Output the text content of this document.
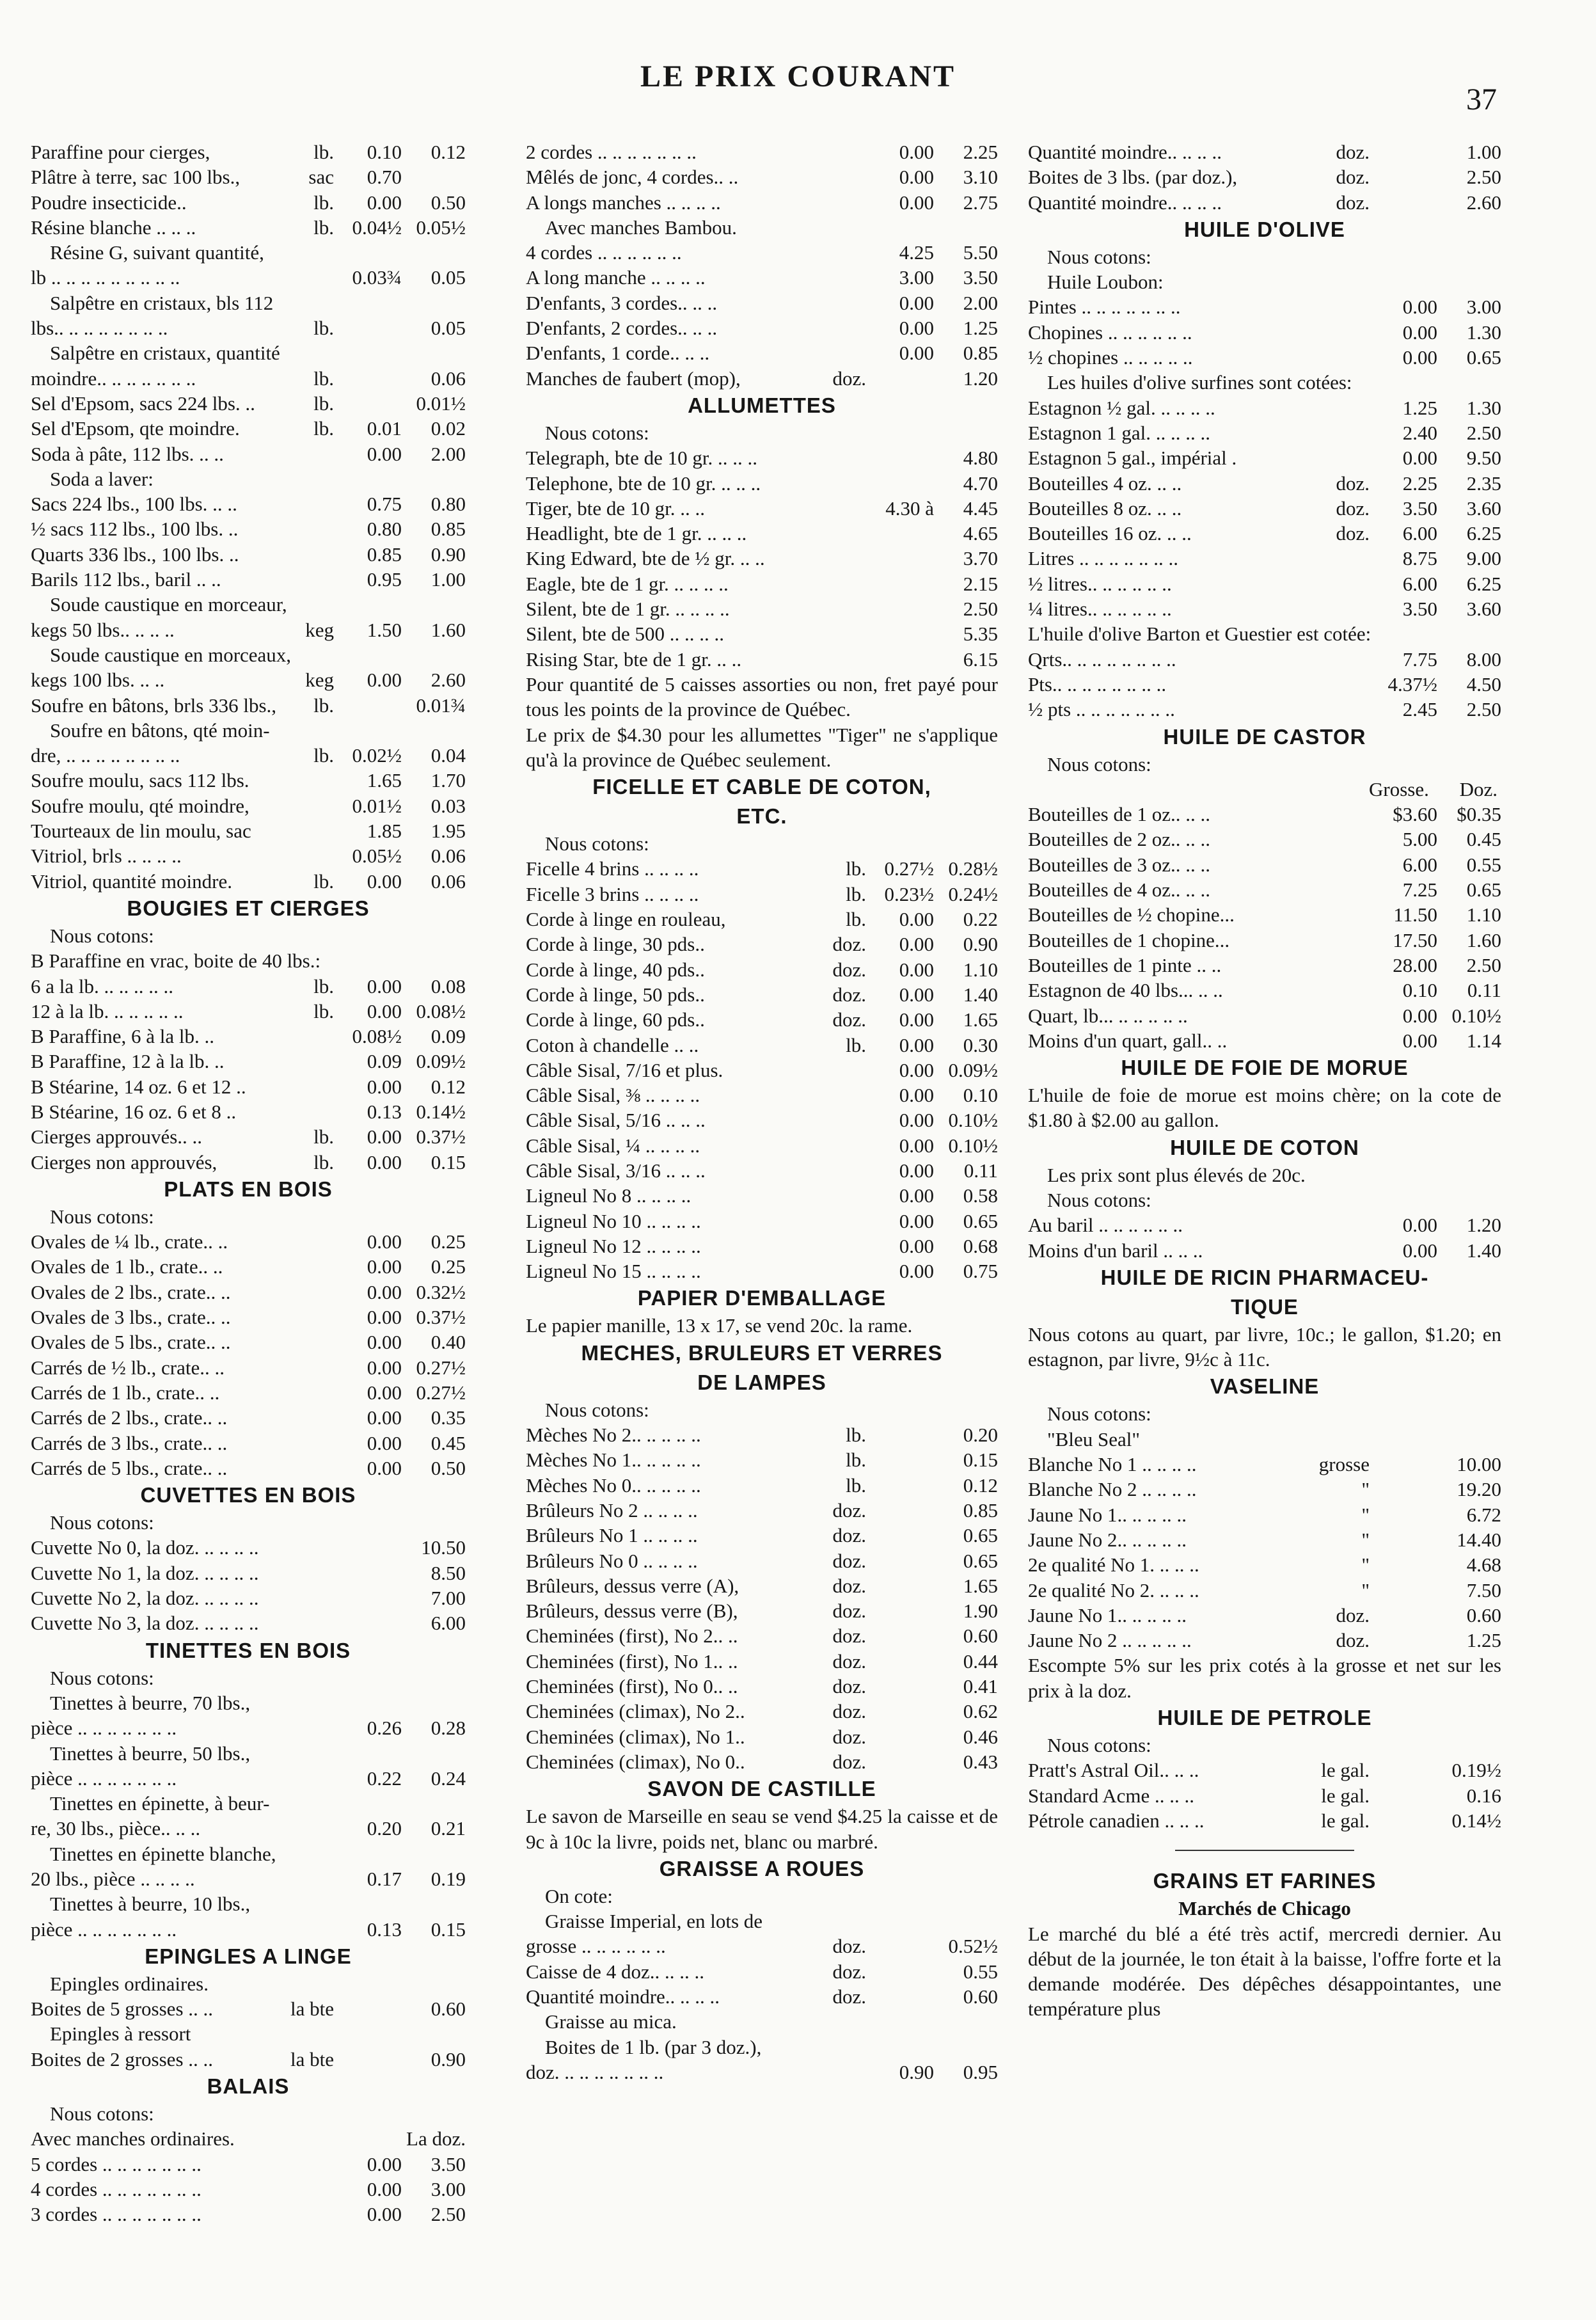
LE PRIX COURANT
37
Paraffine pour cierges,	lb.	0.10	0.12
Plâtre à terre, sac 100 lbs.,	sac	0.70
Poudre insecticide..	lb.	0.00	0.50
Résine blanche .. .. ..	lb. 0.04½ 0.05½
Résine G, suivant quantité,
lb .. .. .. .. .. .. .. .. ..	0.03¾	0.05
Salpêtre en cristaux, bls 112
lbs.. .. .. .. .. .. .. ..	lb.	0.05
Salpêtre en cristaux, quantité
moindre.. .. .. .. .. .. ..	lb.	0.06
Sel d'Epsom, sacs 224 lbs. ..	lb.	0.01½
Sel d'Epsom, qte moindre.	lb.	0.01	0.02
Soda à pâte, 112 lbs. .. ..	0.00	2.00
Soda a laver:
Sacs 224 lbs., 100 lbs. .. ..	0.75	0.80
½ sacs 112 lbs., 100 lbs. ..	0.80	0.85
Quarts 336 lbs., 100 lbs. ..	0.85	0.90
Barils 112 lbs., baril .. ..	0.95	1.00
Soude caustique en morceaur,
kegs 50 lbs.. .. .. ..	keg	1.50	1.60
Soude caustique en morceaux,
kegs 100 lbs. .. ..	keg	0.00	2.60
Soufre en bâtons, brls 336 lbs.,	lb.	0.01¾
Soufre en bâtons, qté moin-
dre, .. .. .. .. .. .. .. ..	lb. 0.02½	0.04
Soufre moulu, sacs 112 lbs.	1.65	1.70
Soufre moulu, qté moindre,	0.01½	0.03
Tourteaux de lin moulu, sac	1.85	1.95
Vitriol, brls .. .. .. ..	0.05½	0.06
Vitriol, quantité moindre.	lb.	0.00	0.06
BOUGIES ET CIERGES
Nous cotons:
B Paraffine en vrac, boite de 40 lbs.:
6 a la lb. .. .. .. .. ..	lb.	0.00	0.08
12 à la lb. .. .. .. .. ..	lb.	0.00 0.08½
B Paraffine, 6 à la lb. ..	0.08½	0.09
B Paraffine, 12 à la lb. ..	0.09 0.09½
B Stéarine, 14 oz. 6 et 12 ..	0.00	0.12
B Stéarine, 16 oz. 6 et 8 ..	0.13 0.14½
Cierges approuvés.. ..	lb.	0.00 0.37½
Cierges non approuvés,	lb.	0.00	0.15
PLATS EN BOIS
Nous cotons:
Ovales de ¼ lb., crate.. ..	0.00	0.25
Ovales de 1 lb., crate.. ..	0.00	0.25
Ovales de 2 lbs., crate.. ..	0.00 0.32½
Ovales de 3 lbs., crate.. ..	0.00 0.37½
Ovales de 5 lbs., crate.. ..	0.00	0.40
Carrés de ½ lb., crate.. ..	0.00 0.27½
Carrés de 1 lb., crate.. ..	0.00 0.27½
Carrés de 2 lbs., crate.. ..	0.00	0.35
Carrés de 3 lbs., crate.. ..	0.00	0.45
Carrés de 5 lbs., crate.. ..	0.00	0.50
CUVETTES EN BOIS
Nous cotons:
Cuvette No 0, la doz. .. .. .. ..	10.50
Cuvette No 1, la doz. .. .. .. ..	8.50
Cuvette No 2, la doz. .. .. .. ..	7.00
Cuvette No 3, la doz. .. .. .. ..	6.00
TINETTES EN BOIS
Nous cotons:
Tinettes à beurre, 70 lbs.,
pièce .. .. .. .. .. .. ..	0.26	0.28
Tinettes à beurre, 50 lbs.,
pièce .. .. .. .. .. .. ..	0.22	0.24
Tinettes en épinette, à beur-
re, 30 lbs., pièce.. .. ..	0.20	0.21
Tinettes en épinette blanche,
20 lbs., pièce .. .. .. ..	0.17	0.19
Tinettes à beurre, 10 lbs.,
pièce .. .. .. .. .. .. ..	0.13	0.15
EPINGLES A LINGE
Epingles ordinaires.
Boites de 5 grosses .. ..	la bte	0.60
Epingles à ressort
Boites de 2 grosses .. ..	la bte	0.90
BALAIS
Nous cotons:
Avec manches ordinaires.	La doz.
5 cordes .. .. .. .. .. .. ..	0.00	3.50
4 cordes .. .. .. .. .. .. ..	0.00	3.00
3 cordes .. .. .. .. .. .. ..	0.00	2.50
2 cordes .. .. .. .. .. .. ..	0.00	2.25
Mêlés de jonc, 4 cordes.. ..	0.00	3.10
A longs manches .. .. .. ..	0.00	2.75
Avec manches Bambou.
4 cordes .. .. .. .. .. ..	4.25	5.50
A long manche .. .. .. ..	3.00	3.50
D'enfants, 3 cordes.. .. ..	0.00	2.00
D'enfants, 2 cordes.. .. ..	0.00	1.25
D'enfants, 1 corde.. .. ..	0.00	0.85
Manches de faubert (mop),	doz.	1.20
ALLUMETTES
Nous cotons:
Telegraph, bte de 10 gr. .. .. ..	4.80
Telephone, bte de 10 gr. .. .. ..	4.70
Tiger, bte de 10 gr. .. ..	4.30 à	4.45
Headlight, bte de 1 gr. .. .. ..	4.65
King Edward, bte de ½ gr. .. ..	3.70
Eagle, bte de 1 gr. .. .. .. ..	2.15
Silent, bte de 1 gr. .. .. .. ..	2.50
Silent, bte de 500 .. .. .. ..	5.35
Rising Star, bte de 1 gr. .. ..	6.15
Pour quantité de 5 caisses assorties ou non, fret payé pour tous les points de la province de Québec.
Le prix de $4.30 pour les allumettes "Tiger" ne s'applique qu'à la province de Québec seulement.
FICELLE ET CABLE DE COTON,
ETC.
Nous cotons:
Ficelle 4 brins .. .. .. ..	lb. 0.27½ 0.28½
Ficelle 3 brins .. .. .. ..	lb. 0.23½ 0.24½
Corde à linge en rouleau,	lb.	0.00	0.22
Corde à linge, 30 pds..	doz.	0.00	0.90
Corde à linge, 40 pds..	doz.	0.00	1.10
Corde à linge, 50 pds..	doz.	0.00	1.40
Corde à linge, 60 pds..	doz.	0.00	1.65
Coton à chandelle .. ..	lb.	0.00	0.30
Câble Sisal, 7/16 et plus.	0.00 0.09½
Câble Sisal, ⅜ .. .. .. ..	0.00	0.10
Câble Sisal, 5/16 .. .. ..	0.00 0.10½
Câble Sisal, ¼ .. .. .. ..	0.00 0.10½
Câble Sisal, 3/16 .. .. ..	0.00	0.11
Ligneul No 8 .. .. .. ..	0.00	0.58
Ligneul No 10 .. .. .. ..	0.00	0.65
Ligneul No 12 .. .. .. ..	0.00	0.68
Ligneul No 15 .. .. .. ..	0.00	0.75
PAPIER D'EMBALLAGE
Le papier manille, 13 x 17, se vend 20c. la rame.
MECHES, BRULEURS ET VERRES
DE LAMPES
Nous cotons:
Mèches No 2.. .. .. .. ..	lb.	0.20
Mèches No 1.. .. .. .. ..	lb.	0.15
Mèches No 0.. .. .. .. ..	lb.	0.12
Brûleurs No 2 .. .. .. ..	doz.	0.85
Brûleurs No 1 .. .. .. ..	doz.	0.65
Brûleurs No 0 .. .. .. ..	doz.	0.65
Brûleurs, dessus verre (A),	doz.	1.65
Brûleurs, dessus verre (B),	doz.	1.90
Cheminées (first), No 2.. ..	doz.	0.60
Cheminées (first), No 1.. ..	doz.	0.44
Cheminées (first), No 0.. ..	doz.	0.41
Cheminées (climax), No 2..	doz.	0.62
Cheminées (climax), No 1..	doz.	0.46
Cheminées (climax), No 0..	doz.	0.43
SAVON DE CASTILLE
Le savon de Marseille en seau se vend $4.25 la caisse et de 9c à 10c la livre, poids net, blanc ou marbré.
GRAISSE A ROUES
On cote:
Graisse Imperial, en lots de
grosse .. .. .. .. .. ..	doz.	0.52½
Caisse de 4 doz.. .. .. ..	doz.	0.55
Quantité moindre.. .. .. ..	doz.	0.60
Graisse au mica.
Boites de 1 lb. (par 3 doz.),
doz. .. .. .. .. .. .. ..	0.90	0.95
Quantité moindre.. .. .. ..	doz.	1.00
Boites de 3 lbs. (par doz.),	doz.	2.50
Quantité moindre.. .. .. ..	doz.	2.60
HUILE D'OLIVE
Nous cotons:
Huile Loubon:
Pintes .. .. .. .. .. .. ..	0.00	3.00
Chopines .. .. .. .. .. ..	0.00	1.30
½ chopines .. .. .. .. ..	0.00	0.65
Les huiles d'olive surfines sont cotées:
Estagnon ½ gal. .. .. .. ..	1.25	1.30
Estagnon 1 gal. .. .. .. ..	2.40	2.50
Estagnon 5 gal., impérial .	0.00	9.50
Bouteilles 4 oz. .. ..	doz.	2.25	2.35
Bouteilles 8 oz. .. ..	doz.	3.50	3.60
Bouteilles 16 oz. .. ..	doz.	6.00	6.25
Litres .. .. .. .. .. .. ..	8.75	9.00
½ litres.. .. .. .. .. ..	6.00	6.25
¼ litres.. .. .. .. .. ..	3.50	3.60
L'huile d'olive Barton et Guestier est cotée:
Qrts.. .. .. .. .. .. .. ..	7.75	8.00
Pts.. .. .. .. .. .. .. ..	4.37½	4.50
½ pts .. .. .. .. .. .. ..	2.45	2.50
HUILE DE CASTOR
Nous cotons:
Grosse. Doz.
Bouteilles de 1 oz.. .. ..	$3.60 $0.35
Bouteilles de 2 oz.. .. ..	5.00	0.45
Bouteilles de 3 oz.. .. ..	6.00	0.55
Bouteilles de 4 oz.. .. ..	7.25	0.65
Bouteilles de ½ chopine...	11.50	1.10
Bouteilles de 1 chopine...	17.50	1.60
Bouteilles de 1 pinte .. ..	28.00	2.50
Estagnon de 40 lbs... .. ..	0.10	0.11
Quart, lb... .. .. .. .. ..	0.00 0.10½
Moins d'un quart, gall.. ..	0.00	1.14
HUILE DE FOIE DE MORUE
L'huile de foie de morue est moins chère; on la cote de $1.80 à $2.00 au gallon.
HUILE DE COTON
Les prix sont plus élevés de 20c.
Nous cotons:
Au baril .. .. .. .. .. ..	0.00	1.20
Moins d'un baril .. .. ..	0.00	1.40
HUILE DE RICIN PHARMACEU-
TIQUE
Nous cotons au quart, par livre, 10c.; le gallon, $1.20; en estagnon, par livre, 9½c à 11c.
VASELINE
Nous cotons:
"Bleu Seal"
Blanche No 1 .. .. .. ..	grosse	10.00
Blanche No 2 .. .. .. ..	"	19.20
Jaune No 1.. .. .. .. ..	"	6.72
Jaune No 2.. .. .. .. ..	"	14.40
2e qualité No 1. .. .. ..	"	4.68
2e qualité No 2. .. .. ..	"	7.50
Jaune No 1.. .. .. .. ..	doz.	0.60
Jaune No 2 .. .. .. .. ..	doz.	1.25
Escompte 5% sur les prix cotés à la grosse et net sur les prix à la doz.
HUILE DE PETROLE
Nous cotons:
Pratt's Astral Oil.. .. ..	le gal.	0.19½
Standard Acme .. .. ..	le gal.	0.16
Pétrole canadien .. .. ..	le gal.	0.14½
GRAINS ET FARINES
Marchés de Chicago
Le marché du blé a été très actif, mercredi dernier. Au début de la journée, le ton était à la baisse, l'offre forte et la demande modérée. Des dépêches désappointantes, une température plus
